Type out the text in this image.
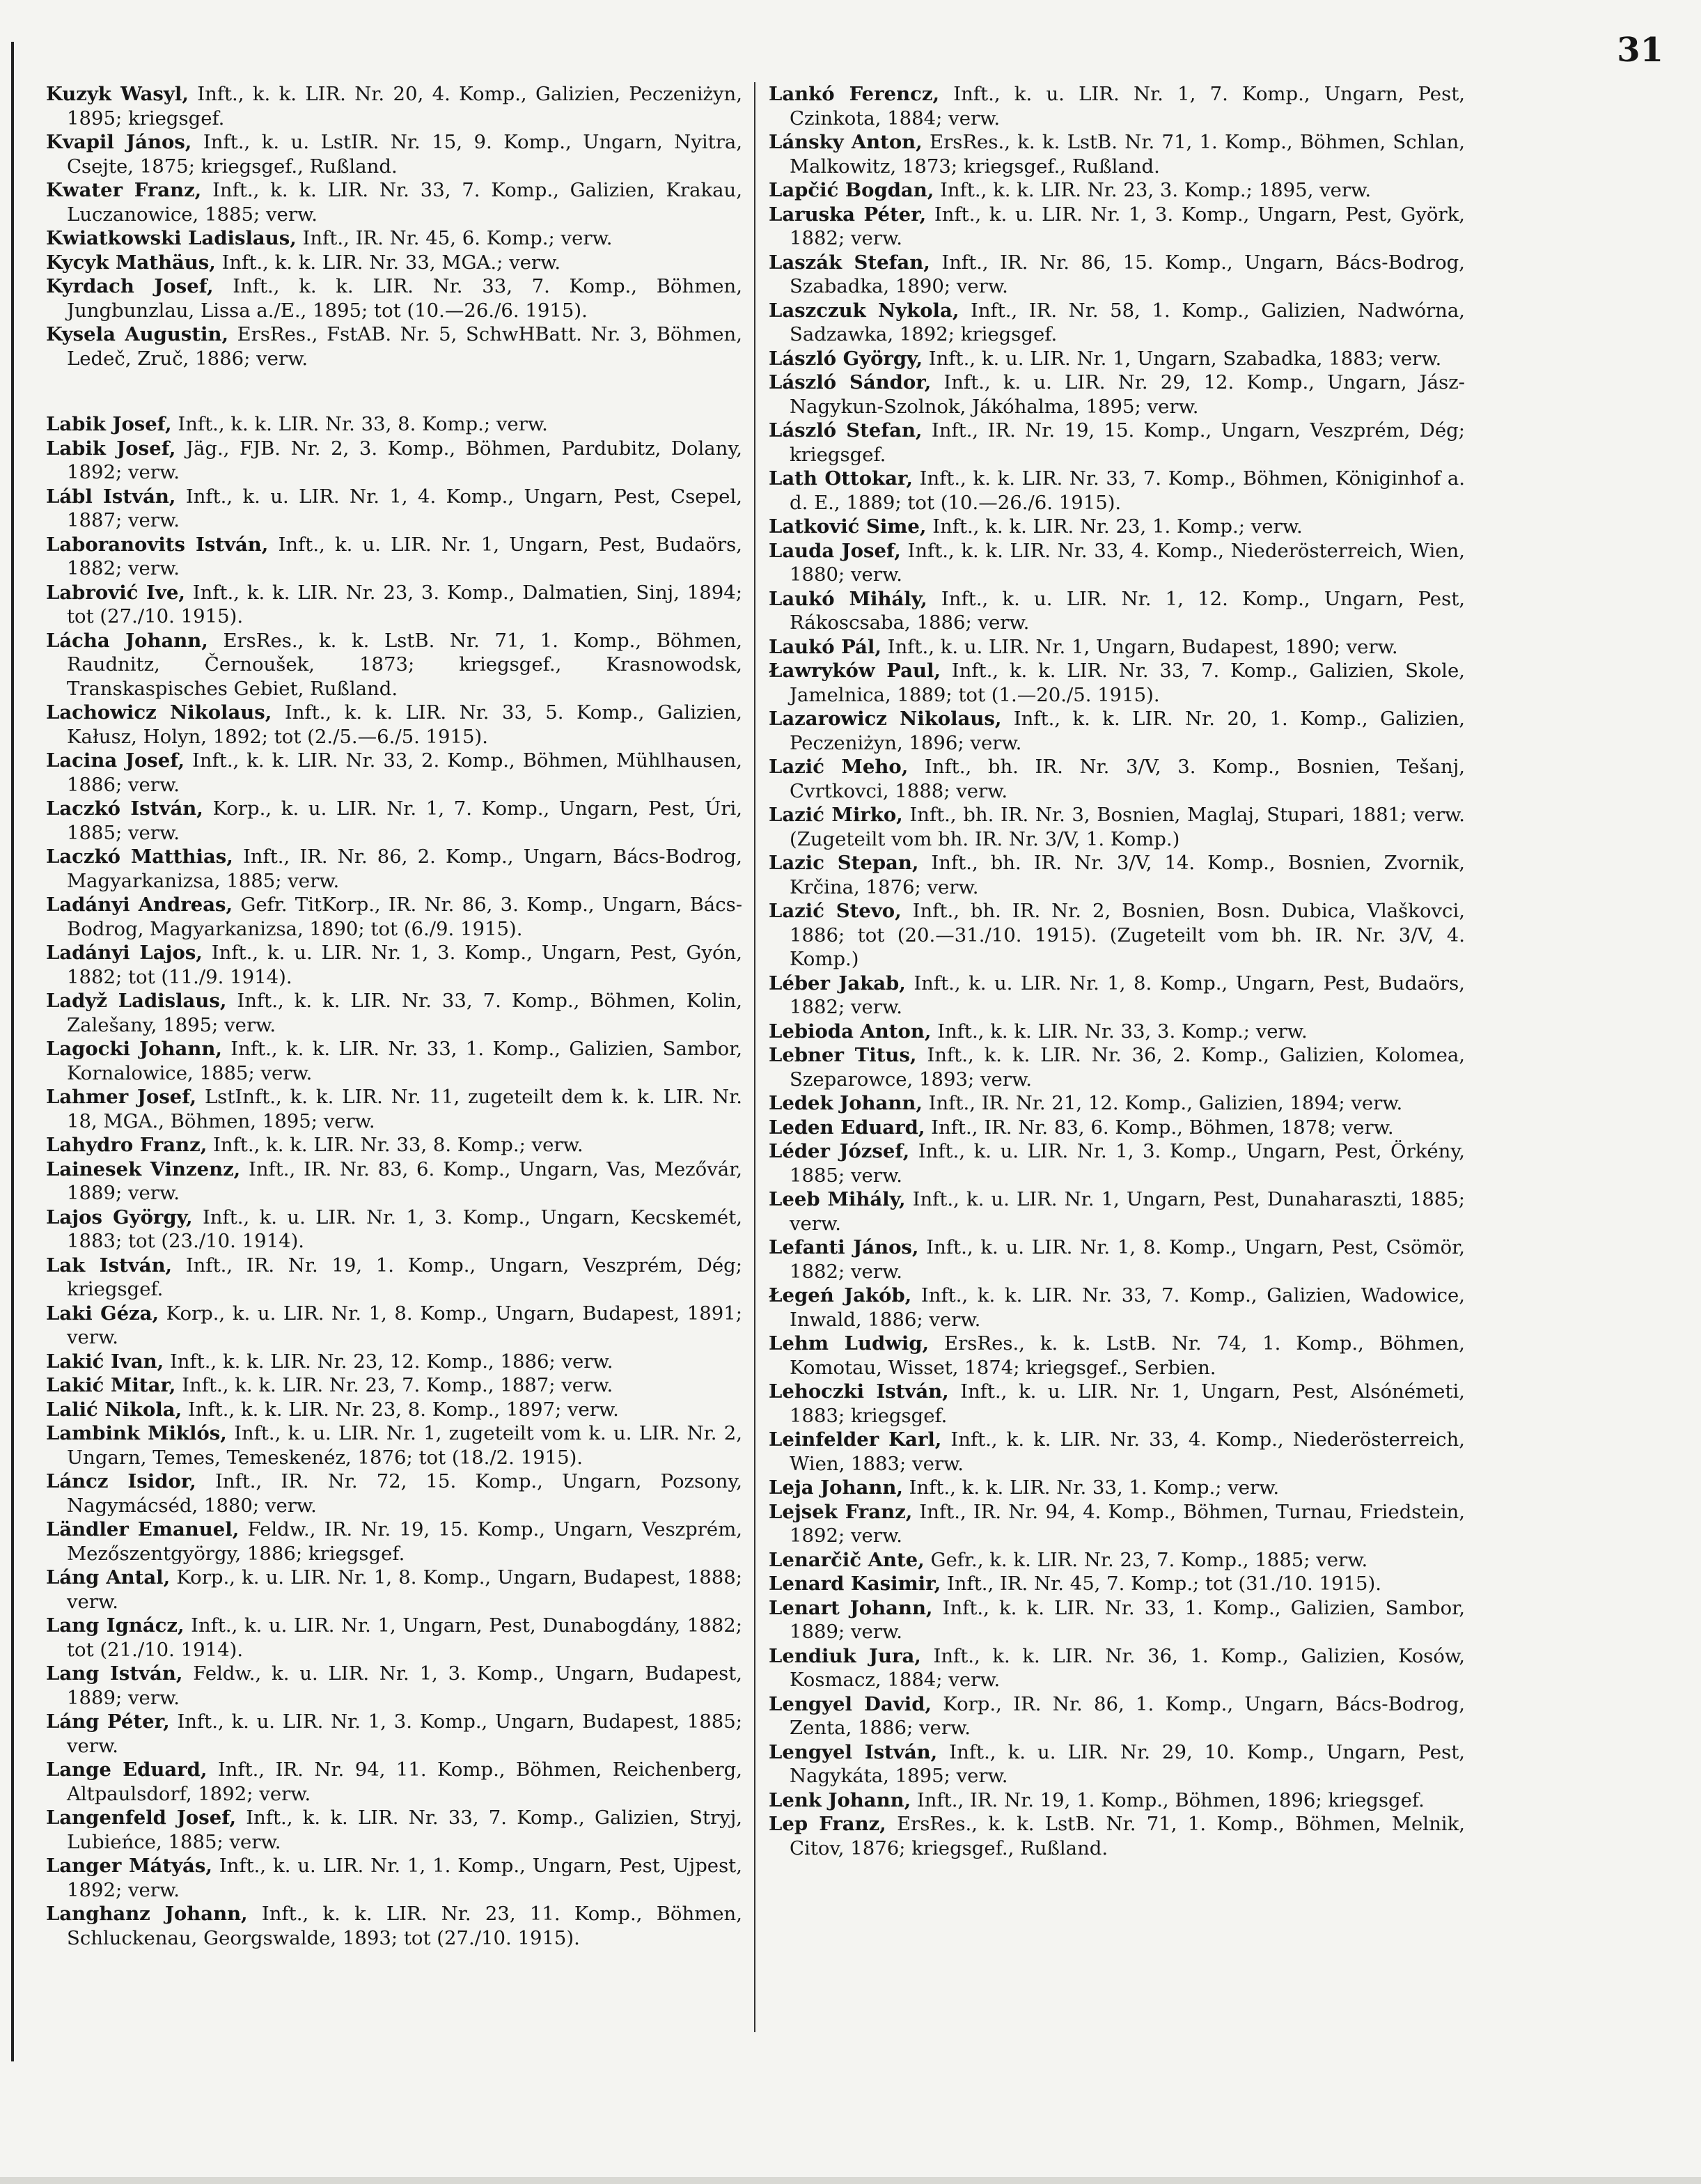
31

Kuzyk Wasyl, Inft., k. k. LIR. Nr. 20, 4. Komp., Galizien, Peczeniżyn, 1895; kriegsgef.

Kvapil János, Inft., k. u. LstIR. Nr. 15, 9. Komp., Ungarn, Nyitra, Csejte, 1875; kriegsgef., Rußland.

Kwater Franz, Inft., k. k. LIR. Nr. 33, 7. Komp., Galizien, Krakau, Luczanowice, 1885; verw.

Kwiatkowski Ladislaus, Inft., IR. Nr. 45, 6. Komp.; verw.

Kycyk Mathäus, Inft., k. k. LIR. Nr. 33, MGA.; verw.

Kyrdach Josef, Inft., k. k. LIR. Nr. 33, 7. Komp., Böhmen, Jungbunzlau, Lissa a./E., 1895; tot (10.—26./6. 1915).

Kysela Augustin, ErsRes., FstAB. Nr. 5, SchwHBatt. Nr. 3, Böhmen, Ledeč, Zruč, 1886; verw.

Labik Josef, Inft., k. k. LIR. Nr. 33, 8. Komp.; verw.

Labik Josef, Jäg., FJB. Nr. 2, 3. Komp., Böhmen, Pardubitz, Dolany, 1892; verw.

Lábl István, Inft., k. u. LIR. Nr. 1, 4. Komp., Ungarn, Pest, Csepel, 1887; verw.

Laboranovits István, Inft., k. u. LIR. Nr. 1, Ungarn, Pest, Budaörs, 1882; verw.

Labrović Ive, Inft., k. k. LIR. Nr. 23, 3. Komp., Dalmatien, Sinj, 1894; tot (27./10. 1915).

Lácha Johann, ErsRes., k. k. LstB. Nr. 71, 1. Komp., Böhmen, Raudnitz, Černoušek, 1873; kriegsgef., Krasnowodsk, Transkaspisches Gebiet, Rußland.

Lachowicz Nikolaus, Inft., k. k. LIR. Nr. 33, 5. Komp., Galizien, Kałusz, Holyn, 1892; tot (2./5.—6./5. 1915).

Lacina Josef, Inft., k. k. LIR. Nr. 33, 2. Komp., Böhmen, Mühlhausen, 1886; verw.

Laczkó István, Korp., k. u. LIR. Nr. 1, 7. Komp., Ungarn, Pest, Úri, 1885; verw.

Laczkó Matthias, Inft., IR. Nr. 86, 2. Komp., Ungarn, Bács-Bodrog, Magyarkanizsa, 1885; verw.

Ladányi Andreas, Gefr. TitKorp., IR. Nr. 86, 3. Komp., Ungarn, Bács-Bodrog, Magyarkanizsa, 1890; tot (6./9. 1915).

Ladányi Lajos, Inft., k. u. LIR. Nr. 1, 3. Komp., Ungarn, Pest, Gyón, 1882; tot (11./9. 1914).

Ladyž Ladislaus, Inft., k. k. LIR. Nr. 33, 7. Komp., Böhmen, Kolin, Zalešany, 1895; verw.

Lagocki Johann, Inft., k. k. LIR. Nr. 33, 1. Komp., Galizien, Sambor, Kornalowice, 1885; verw.

Lahmer Josef, LstInft., k. k. LIR. Nr. 11, zugeteilt dem k. k. LIR. Nr. 18, MGA., Böhmen, 1895; verw.

Lahydro Franz, Inft., k. k. LIR. Nr. 33, 8. Komp.; verw.

Lainesek Vinzenz, Inft., IR. Nr. 83, 6. Komp., Ungarn, Vas, Mezővár, 1889; verw.

Lajos György, Inft., k. u. LIR. Nr. 1, 3. Komp., Ungarn, Kecskemét, 1883; tot (23./10. 1914).

Lak István, Inft., IR. Nr. 19, 1. Komp., Ungarn, Veszprém, Dég; kriegsgef.

Laki Géza, Korp., k. u. LIR. Nr. 1, 8. Komp., Ungarn, Budapest, 1891; verw.

Lakić Ivan, Inft., k. k. LIR. Nr. 23, 12. Komp., 1886; verw.

Lakić Mitar, Inft., k. k. LIR. Nr. 23, 7. Komp., 1887; verw.

Lalić Nikola, Inft., k. k. LIR. Nr. 23, 8. Komp., 1897; verw.

Lambink Miklós, Inft., k. u. LIR. Nr. 1, zugeteilt vom k. u. LIR. Nr. 2, Ungarn, Temes, Temeskenéz, 1876; tot (18./2. 1915).

Láncz Isidor, Inft., IR. Nr. 72, 15. Komp., Ungarn, Pozsony, Nagymácséd, 1880; verw.

Ländler Emanuel, Feldw., IR. Nr. 19, 15. Komp., Ungarn, Veszprém, Mezőszentgyörgy, 1886; kriegsgef.

Láng Antal, Korp., k. u. LIR. Nr. 1, 8. Komp., Ungarn, Budapest, 1888; verw.

Lang Ignácz, Inft., k. u. LIR. Nr. 1, Ungarn, Pest, Dunabogdány, 1882; tot (21./10. 1914).

Lang István, Feldw., k. u. LIR. Nr. 1, 3. Komp., Ungarn, Budapest, 1889; verw.

Láng Péter, Inft., k. u. LIR. Nr. 1, 3. Komp., Ungarn, Budapest, 1885; verw.

Lange Eduard, Inft., IR. Nr. 94, 11. Komp., Böhmen, Reichenberg, Altpaulsdorf, 1892; verw.

Langenfeld Josef, Inft., k. k. LIR. Nr. 33, 7. Komp., Galizien, Stryj, Lubieńce, 1885; verw.

Langer Mátyás, Inft., k. u. LIR. Nr. 1, 1. Komp., Ungarn, Pest, Ujpest, 1892; verw.

Langhanz Johann, Inft., k. k. LIR. Nr. 23, 11. Komp., Böhmen, Schluckenau, Georgswalde, 1893; tot (27./10. 1915).

Lankó Ferencz, Inft., k. u. LIR. Nr. 1, 7. Komp., Ungarn, Pest, Czinkota, 1884; verw.

Lánsky Anton, ErsRes., k. k. LstB. Nr. 71, 1. Komp., Böhmen, Schlan, Malkowitz, 1873; kriegsgef., Rußland.

Lapčić Bogdan, Inft., k. k. LIR. Nr. 23, 3. Komp.; 1895, verw.

Laruska Péter, Inft., k. u. LIR. Nr. 1, 3. Komp., Ungarn, Pest, Györk, 1882; verw.

Laszák Stefan, Inft., IR. Nr. 86, 15. Komp., Ungarn, Bács-Bodrog, Szabadka, 1890; verw.

Laszczuk Nykola, Inft., IR. Nr. 58, 1. Komp., Galizien, Nadwórna, Sadzawka, 1892; kriegsgef.

László György, Inft., k. u. LIR. Nr. 1, Ungarn, Szabadka, 1883; verw.

László Sándor, Inft., k. u. LIR. Nr. 29, 12. Komp., Ungarn, Jász-Nagykun-Szolnok, Jákóhalma, 1895; verw.

László Stefan, Inft., IR. Nr. 19, 15. Komp., Ungarn, Veszprém, Dég; kriegsgef.

Lath Ottokar, Inft., k. k. LIR. Nr. 33, 7. Komp., Böhmen, Königinhof a. d. E., 1889; tot (10.—26./6. 1915).

Latković Sime, Inft., k. k. LIR. Nr. 23, 1. Komp.; verw.

Lauda Josef, Inft., k. k. LIR. Nr. 33, 4. Komp., Niederösterreich, Wien, 1880; verw.

Laukó Mihály, Inft., k. u. LIR. Nr. 1, 12. Komp., Ungarn, Pest, Rákoscsaba, 1886; verw.

Laukó Pál, Inft., k. u. LIR. Nr. 1, Ungarn, Budapest, 1890; verw.

Ławryków Paul, Inft., k. k. LIR. Nr. 33, 7. Komp., Galizien, Skole, Jamelnica, 1889; tot (1.—20./5. 1915).

Lazarowicz Nikolaus, Inft., k. k. LIR. Nr. 20, 1. Komp., Galizien, Peczeniżyn, 1896; verw.

Lazić Meho, Inft., bh. IR. Nr. 3/V, 3. Komp., Bosnien, Tešanj, Cvrtkovci, 1888; verw.

Lazić Mirko, Inft., bh. IR. Nr. 3, Bosnien, Maglaj, Stupari, 1881; verw. (Zugeteilt vom bh. IR. Nr. 3/V, 1. Komp.)

Lazic Stepan, Inft., bh. IR. Nr. 3/V, 14. Komp., Bosnien, Zvornik, Krčina, 1876; verw.

Lazić Stevo, Inft., bh. IR. Nr. 2, Bosnien, Bosn. Dubica, Vlaškovci, 1886; tot (20.—31./10. 1915). (Zugeteilt vom bh. IR. Nr. 3/V, 4. Komp.)

Léber Jakab, Inft., k. u. LIR. Nr. 1, 8. Komp., Ungarn, Pest, Budaörs, 1882; verw.

Lebioda Anton, Inft., k. k. LIR. Nr. 33, 3. Komp.; verw.

Lebner Titus, Inft., k. k. LIR. Nr. 36, 2. Komp., Galizien, Kolomea, Szeparowce, 1893; verw.

Ledek Johann, Inft., IR. Nr. 21, 12. Komp., Galizien, 1894; verw.

Leden Eduard, Inft., IR. Nr. 83, 6. Komp., Böhmen, 1878; verw.

Léder József, Inft., k. u. LIR. Nr. 1, 3. Komp., Ungarn, Pest, Örkény, 1885; verw.

Leeb Mihály, Inft., k. u. LIR. Nr. 1, Ungarn, Pest, Dunaharaszti, 1885; verw.

Lefanti János, Inft., k. u. LIR. Nr. 1, 8. Komp., Ungarn, Pest, Csömör, 1882; verw.

Łegeń Jakób, Inft., k. k. LIR. Nr. 33, 7. Komp., Galizien, Wadowice, Inwald, 1886; verw.

Lehm Ludwig, ErsRes., k. k. LstB. Nr. 74, 1. Komp., Böhmen, Komotau, Wisset, 1874; kriegsgef., Serbien.

Lehoczki István, Inft., k. u. LIR. Nr. 1, Ungarn, Pest, Alsónémeti, 1883; kriegsgef.

Leinfelder Karl, Inft., k. k. LIR. Nr. 33, 4. Komp., Niederösterreich, Wien, 1883; verw.

Leja Johann, Inft., k. k. LIR. Nr. 33, 1. Komp.; verw.

Lejsek Franz, Inft., IR. Nr. 94, 4. Komp., Böhmen, Turnau, Friedstein, 1892; verw.

Lenarčič Ante, Gefr., k. k. LIR. Nr. 23, 7. Komp., 1885; verw.

Lenard Kasimir, Inft., IR. Nr. 45, 7. Komp.; tot (31./10. 1915).

Lenart Johann, Inft., k. k. LIR. Nr. 33, 1. Komp., Galizien, Sambor, 1889; verw.

Lendiuk Jura, Inft., k. k. LIR. Nr. 36, 1. Komp., Galizien, Kosów, Kosmacz, 1884; verw.

Lengyel David, Korp., IR. Nr. 86, 1. Komp., Ungarn, Bács-Bodrog, Zenta, 1886; verw.

Lengyel István, Inft., k. u. LIR. Nr. 29, 10. Komp., Ungarn, Pest, Nagykáta, 1895; verw.

Lenk Johann, Inft., IR. Nr. 19, 1. Komp., Böhmen, 1896; kriegsgef.

Lep Franz, ErsRes., k. k. LstB. Nr. 71, 1. Komp., Böhmen, Melnik, Citov, 1876; kriegsgef., Rußland.
